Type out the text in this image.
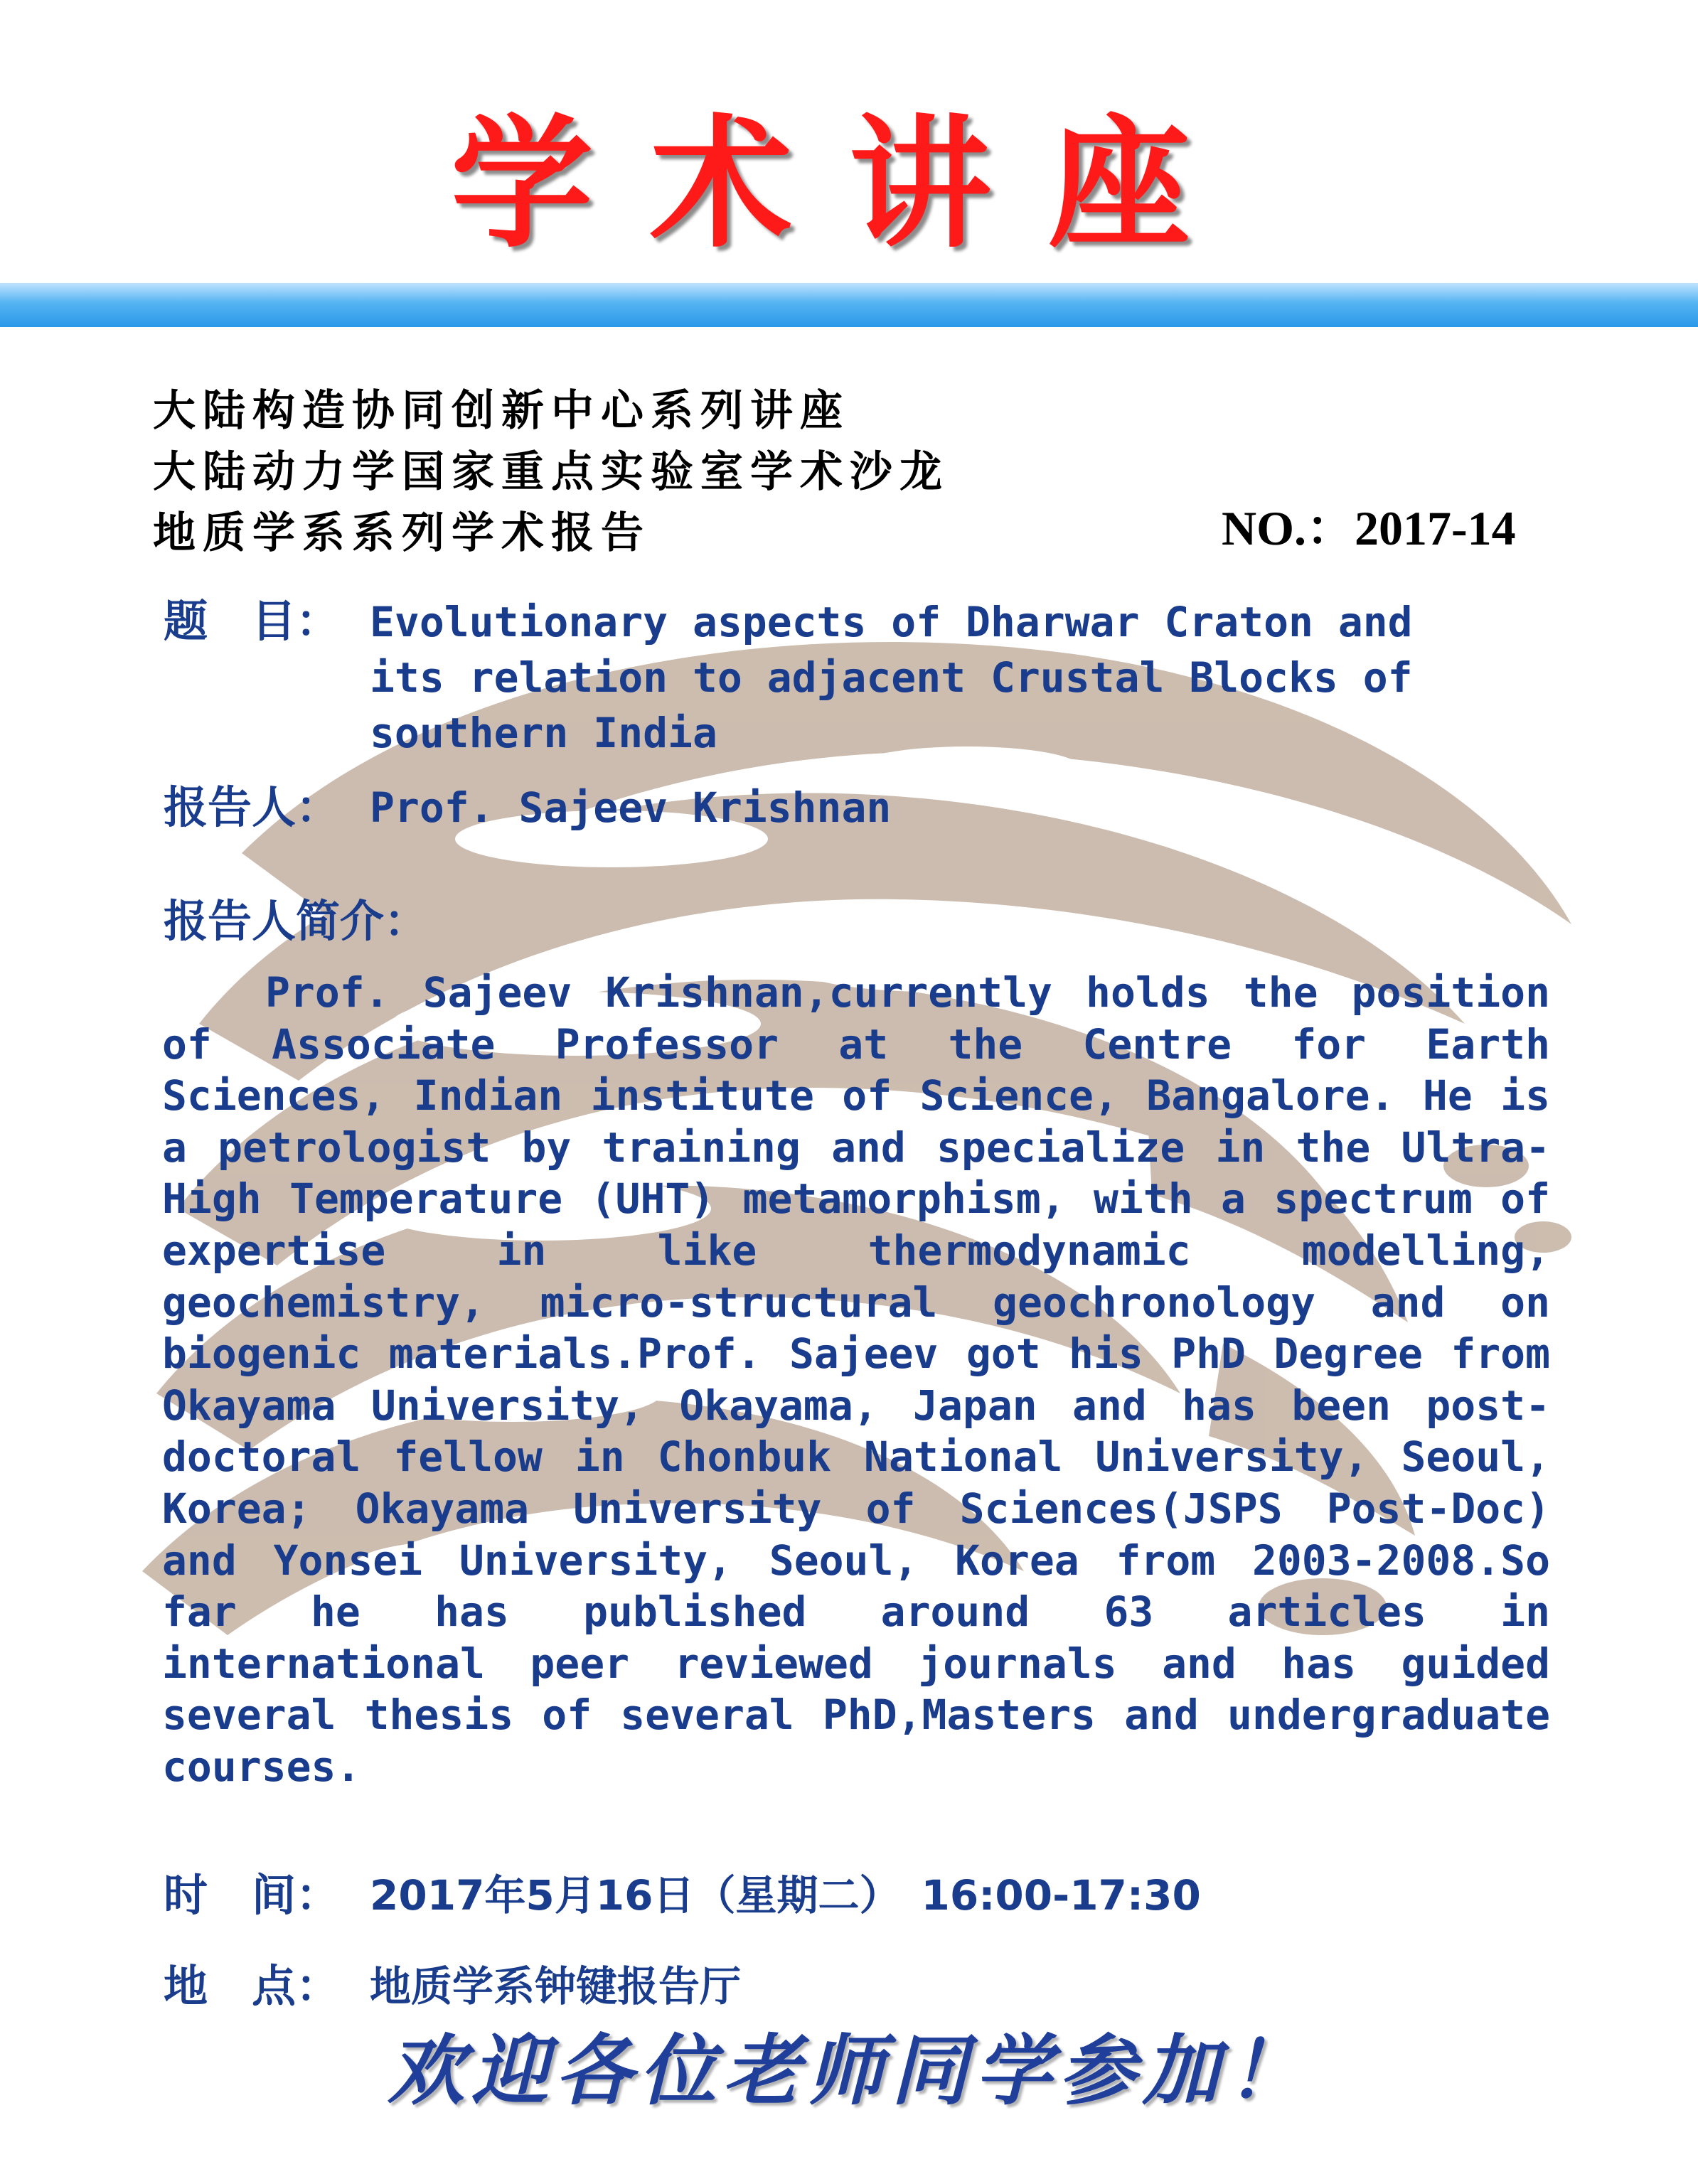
学术讲座
大陆构造协同创新中心系列讲座
大陆动力学国家重点实验室学术沙龙
地质学系系列学术报告	NO.：2017-14
题　目： Evolutionary aspects of Dharwar Craton and its relation to adjacent Crustal Blocks of southern India
报告人： Prof. Sajeev Krishnan
报告人简介：
Prof. Sajeev Krishnan,currently holds the position of Associate Professor at the Centre for Earth Sciences, Indian institute of Science, Bangalore. He is a petrologist by training and specialize in the Ultra-High Temperature (UHT) metamorphism, with a spectrum of expertise in like thermodynamic modelling, geochemistry, micro-structural geochronology and on biogenic materials.Prof. Sajeev got his PhD Degree from Okayama University, Okayama, Japan and has been post-doctoral fellow in Chonbuk National University, Seoul, Korea; Okayama University of Sciences(JSPS Post-Doc) and Yonsei University, Seoul, Korea from 2003-2008.So far he has published around 63 articles in international peer reviewed journals and has guided several thesis of several PhD,Masters and undergraduate courses.
时　间： 2017年5月16日（星期二）　16:00-17:30
地　点： 地质学系钟键报告厅
欢迎各位老师同学参加！
